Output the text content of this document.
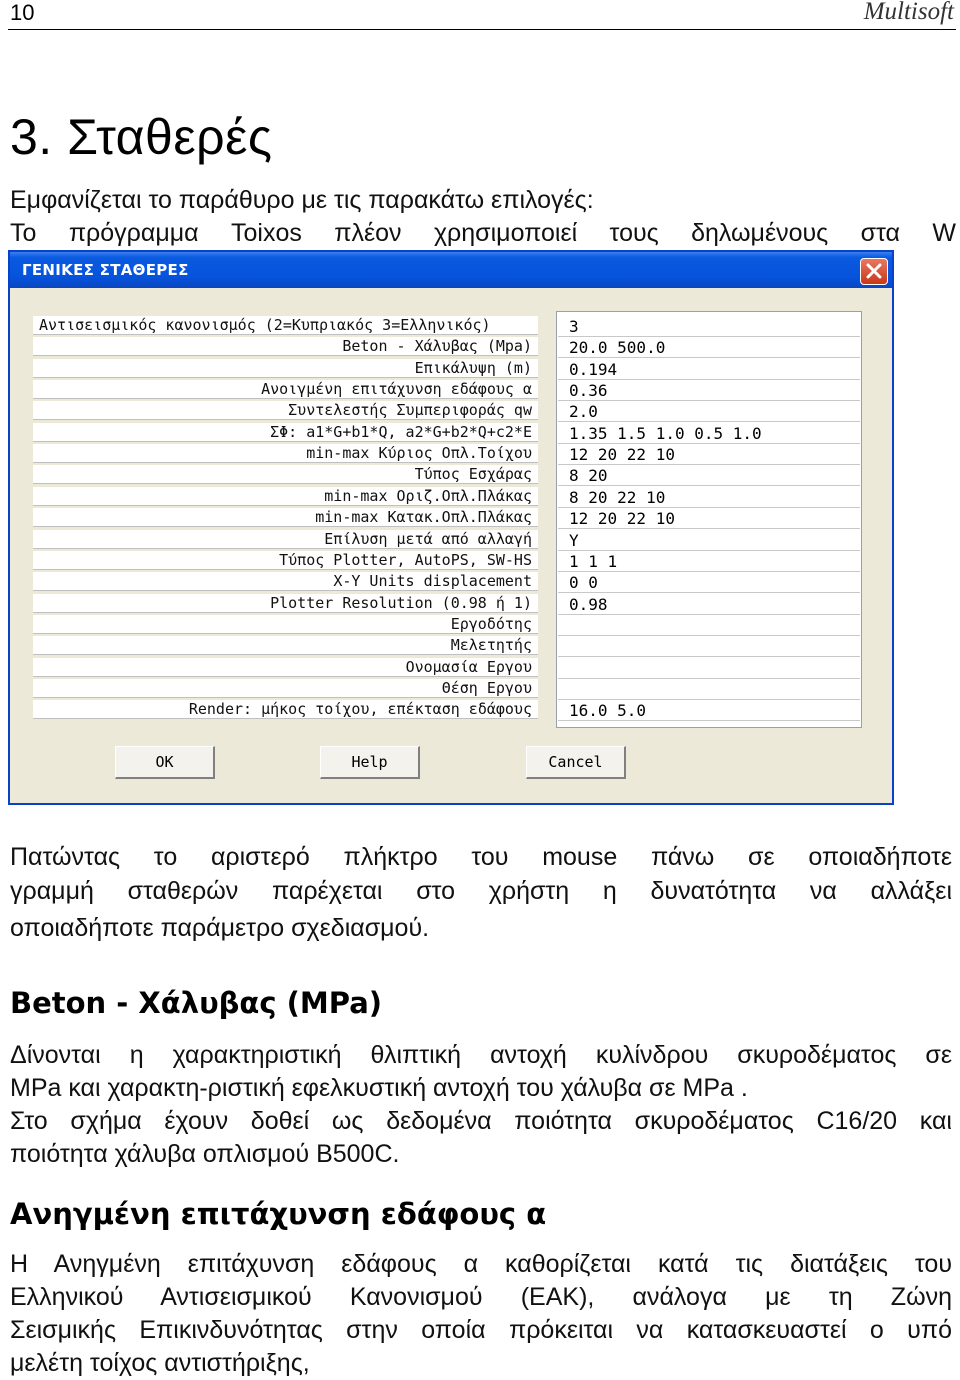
10	Multisoft
3. Σταθερές
Εμφανίζεται το παράθυρο με τις παρακάτω επιλογές:
Το πρόγραμμα Toixos πλέον χρησιμοποιεί τους δηλωμένους στα W
ΓΕΝΙΚΕΣ ΣΤΑΘΕΡΕΣ
Αντισεισμικός κανονισμός (2=Κυπριακός 3=Ελληνικός)	3
Beton - Χάλυβας (Mpa)	20.0 500.0
Επικάλυψη (m)	0.194
Ανοιγμένη επιτάχυνση εδάφους α	0.36
Συντελεστής Συμπεριφοράς qw	2.0
ΣΦ: a1*G+b1*Q, a2*G+b2*Q+c2*E	1.35 1.5 1.0 0.5 1.0
min-max Κύριος Οπλ.Τοίχου	12 20 22 10
Τύπος Εσχάρας	8 20
min-max Οριζ.Οπλ.Πλάκας	8 20 22 10
min-max Κατακ.Οπλ.Πλάκας	12 20 22 10
Επίλυση μετά από αλλαγή	Y
Τύπος Plotter, AutoPS, SW-HS	1 1 1
X-Y Units displacement	0 0
Plotter Resolution (0.98 ή 1)	0.98
Εργοδότης
Μελετητής
Ονομασία Εργου
Θέση Εργου
Render: μήκος τοίχου, επέκταση εδάφους	16.0 5.0
OK	Help	Cancel
Πατώντας το αριστερό πλήκτρο του mouse πάνω σε οποιαδήποτε
γραμμή σταθερών παρέχεται στο χρήστη η δυνατότητα να αλλάξει
οποιαδήποτε παράμετρο σχεδιασμού.
Beton - Χάλυβας (MPa)
Δίνονται η χαρακτηριστική θλιπτική αντοχή κυλίνδρου σκυροδέματος σε
MPa και χαρακτη-ριστική εφελκυστική αντοχή του χάλυβα σε MPa .
Στο σχήμα έχουν δοθεί ως δεδομένα ποιότητα σκυροδέματος C16/20 και
ποιότητα χάλυβα οπλισμού B500C.
Ανηγμένη επιτάχυνση εδάφους α
Η Ανηγμένη επιτάχυνση εδάφους α καθορίζεται κατά τις διατάξεις του
Ελληνικού Αντισεισμικού Κανονισμού (ΕΑΚ), ανάλογα με τη Ζώνη
Σεισμικής Επικινδυνότητας στην οποία πρόκειται να κατασκευαστεί ο υπό
μελέτη τοίχος αντιστήριξης,
